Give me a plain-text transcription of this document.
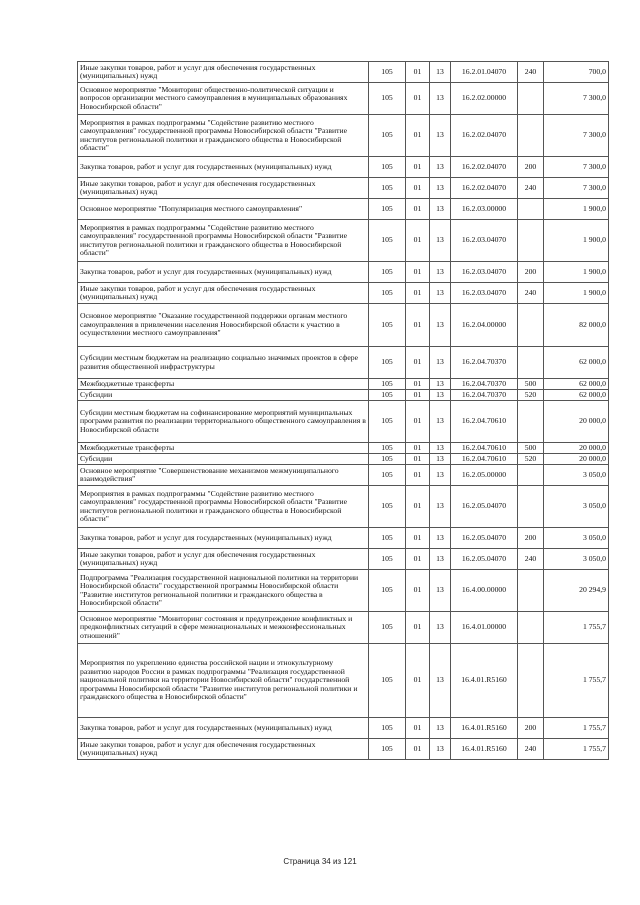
Иные закупки товаров, работ и услуг для обеспечения государственных (муниципальных) нужд	105	01	13	16.2.01.04070	240	700,0
Основное мероприятие "Мониторинг общественно-политической ситуации и вопросов организации местного самоуправления в муниципальных образованиях Новосибирской области"	105	01	13	16.2.02.00000		7 300,0
Мероприятия в рамках подпрограммы "Содействие развитию местного самоуправления" государственной программы Новосибирской области "Развитие институтов региональной политики и гражданского общества в Новосибирской области"	105	01	13	16.2.02.04070		7 300,0
Закупка товаров, работ и услуг для государственных (муниципальных) нужд	105	01	13	16.2.02.04070	200	7 300,0
Иные закупки товаров, работ и услуг для обеспечения государственных (муниципальных) нужд	105	01	13	16.2.02.04070	240	7 300,0
Основное мероприятие "Популяризация местного самоуправления"	105	01	13	16.2.03.00000		1 900,0
Мероприятия в рамках подпрограммы "Содействие развитию местного самоуправления" государственной программы Новосибирской области "Развитие институтов региональной политики и гражданского общества в Новосибирской области"	105	01	13	16.2.03.04070		1 900,0
Закупка товаров, работ и услуг для государственных (муниципальных) нужд	105	01	13	16.2.03.04070	200	1 900,0
Иные закупки товаров, работ и услуг для обеспечения государственных (муниципальных) нужд	105	01	13	16.2.03.04070	240	1 900,0
Основное мероприятие "Оказание государственной поддержки органам местного самоуправления в привлечении населения Новосибирской области к участию в осуществлении местного самоуправления"	105	01	13	16.2.04.00000		82 000,0
Субсидии местным бюджетам на реализацию социально значимых проектов в сфере развития общественной инфраструктуры	105	01	13	16.2.04.70370		62 000,0
Межбюджетные трансферты	105	01	13	16.2.04.70370	500	62 000,0
Субсидии	105	01	13	16.2.04.70370	520	62 000,0
Субсидии местным бюджетам на софинансирование мероприятий муниципальных программ развития по реализации территориального общественного самоуправления в Новосибирской области	105	01	13	16.2.04.70610		20 000,0
Межбюджетные трансферты	105	01	13	16.2.04.70610	500	20 000,0
Субсидии	105	01	13	16.2.04.70610	520	20 000,0
Основное мероприятие "Совершенствование механизмов межмуниципального взаимодействия"	105	01	13	16.2.05.00000		3 050,0
Мероприятия в рамках подпрограммы "Содействие развитию местного самоуправления" государственной программы Новосибирской области "Развитие институтов региональной политики и гражданского общества в Новосибирской области"	105	01	13	16.2.05.04070		3 050,0
Закупка товаров, работ и услуг для государственных (муниципальных) нужд	105	01	13	16.2.05.04070	200	3 050,0
Иные закупки товаров, работ и услуг для обеспечения государственных (муниципальных) нужд	105	01	13	16.2.05.04070	240	3 050,0
Подпрограмма "Реализация государственной национальной политики на территории Новосибирской области" государственной программы Новосибирской области "Развитие институтов региональной политики и гражданского общества в Новосибирской области"	105	01	13	16.4.00.00000		20 294,9
Основное мероприятие "Мониторинг состояния и предупреждение конфликтных и предконфликтных ситуаций в сфере межнациональных и межконфессиональных отношений"	105	01	13	16.4.01.00000		1 755,7
Мероприятия по укреплению единства российской нации и этнокультурному развитию народов России в рамках подпрограммы "Реализация государственной национальной политики на территории Новосибирской области" государственной программы Новосибирской области "Развитие институтов региональной политики и гражданского общества в Новосибирской области"	105	01	13	16.4.01.R5160		1 755,7
Закупка товаров, работ и услуг для государственных (муниципальных) нужд	105	01	13	16.4.01.R5160	200	1 755,7
Иные закупки товаров, работ и услуг для обеспечения государственных (муниципальных) нужд	105	01	13	16.4.01.R5160	240	1 755,7
Страница 34 из 121
